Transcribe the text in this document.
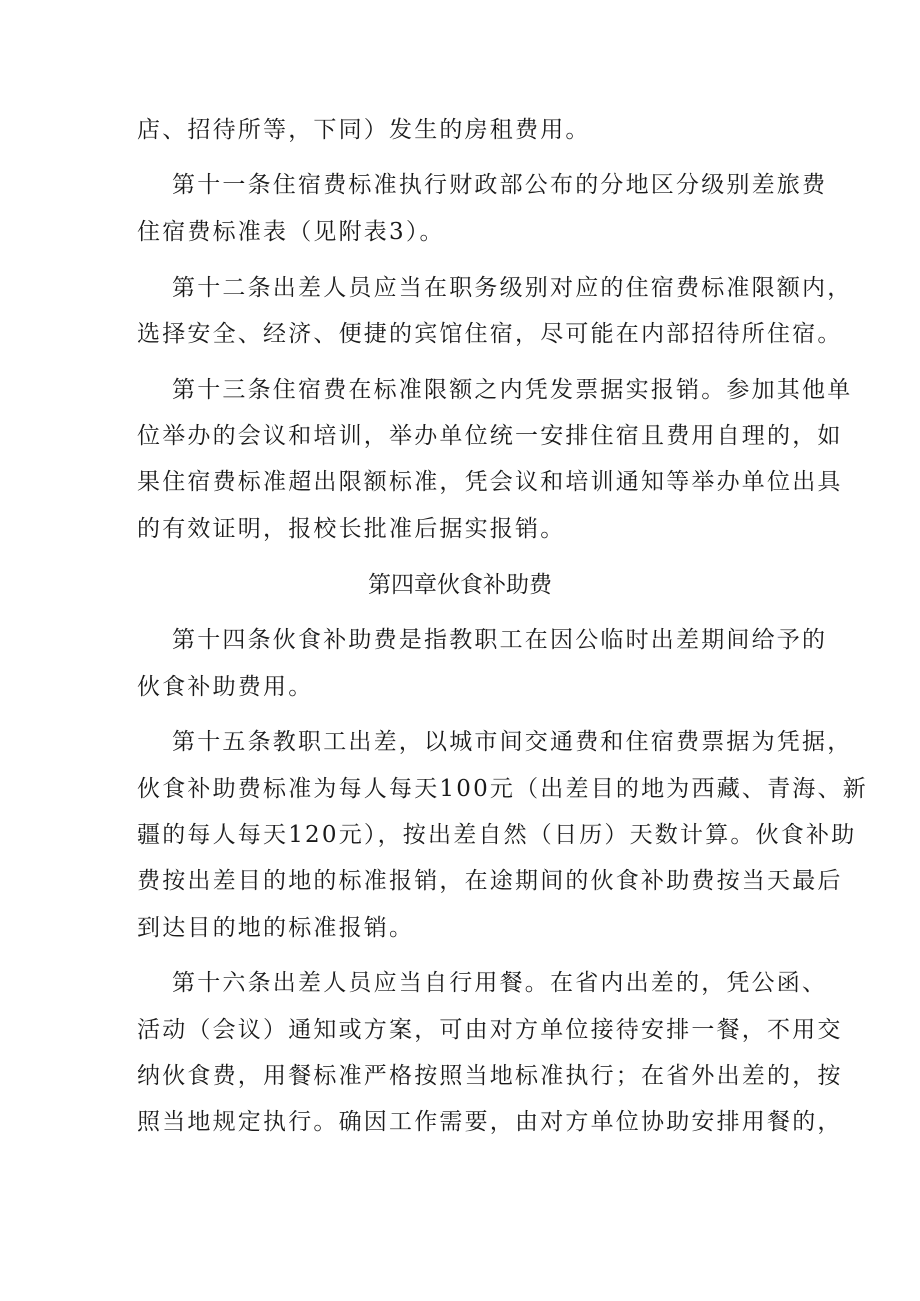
店、招待所等，下同）发生的房租费用。
第十一条住宿费标准执行财政部公布的分地区分级别差旅费
住宿费标准表（见附表3）。
第十二条出差人员应当在职务级别对应的住宿费标准限额内，
选择安全、经济、便捷的宾馆住宿，尽可能在内部招待所住宿。
第十三条住宿费在标准限额之内凭发票据实报销。参加其他单
位举办的会议和培训，举办单位统一安排住宿且费用自理的，如
果住宿费标准超出限额标准，凭会议和培训通知等举办单位出具
的有效证明，报校长批准后据实报销。
第四章伙食补助费
第十四条伙食补助费是指教职工在因公临时出差期间给予的
伙食补助费用。
第十五条教职工出差，以城市间交通费和住宿费票据为凭据，
伙食补助费标准为每人每天100元（出差目的地为西藏、青海、新
疆的每人每天120元），按出差自然（日历）天数计算。伙食补助
费按出差目的地的标准报销，在途期间的伙食补助费按当天最后
到达目的地的标准报销。
第十六条出差人员应当自行用餐。在省内出差的，凭公函、
活动（会议）通知或方案，可由对方单位接待安排一餐，不用交
纳伙食费，用餐标准严格按照当地标准执行；在省外出差的，按
照当地规定执行。确因工作需要，由对方单位协助安排用餐的，
